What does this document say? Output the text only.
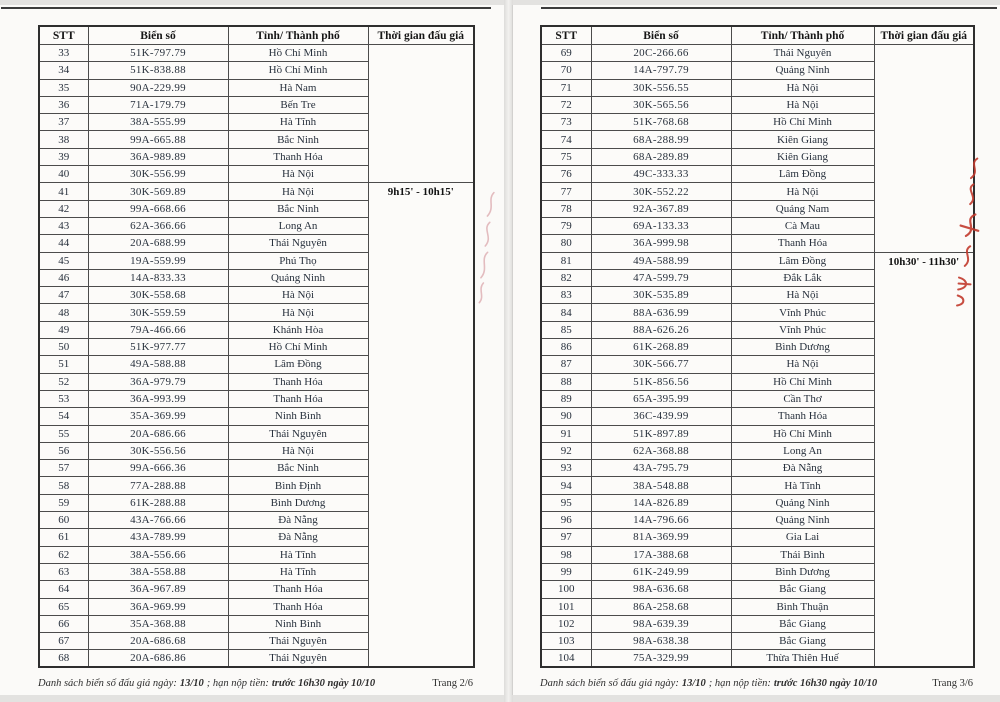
STT	Biển số	Tỉnh/ Thành phố	Thời gian đấu giá
33	51K-797.79	Hồ Chí Minh	
34	51K-838.88	Hồ Chí Minh	
35	90A-229.99	Hà Nam	
36	71A-179.79	Bến Tre	
37	38A-555.99	Hà Tĩnh	
38	99A-665.88	Bắc Ninh	
39	36A-989.89	Thanh Hóa	
40	30K-556.99	Hà Nội	
41	30K-569.89	Hà Nội	9h15' - 10h15'
42	99A-668.66	Bắc Ninh	
43	62A-366.66	Long An	
44	20A-688.99	Thái Nguyên	
45	19A-559.99	Phú Thọ	
46	14A-833.33	Quảng Ninh	
47	30K-558.68	Hà Nội	
48	30K-559.59	Hà Nội	
49	79A-466.66	Khánh Hòa	
50	51K-977.77	Hồ Chí Minh	
51	49A-588.88	Lâm Đồng	
52	36A-979.79	Thanh Hóa	
53	36A-993.99	Thanh Hóa	
54	35A-369.99	Ninh Bình	
55	20A-686.66	Thái Nguyên	
56	30K-556.56	Hà Nội	
57	99A-666.36	Bắc Ninh	
58	77A-288.88	Bình Định	
59	61K-288.88	Bình Dương	
60	43A-766.66	Đà Nẵng	
61	43A-789.99	Đà Nẵng	
62	38A-556.66	Hà Tĩnh	
63	38A-558.88	Hà Tĩnh	
64	36A-967.89	Thanh Hóa	
65	36A-969.99	Thanh Hóa	
66	35A-368.88	Ninh Bình	
67	20A-686.68	Thái Nguyên	
68	20A-686.86	Thái Nguyên	
STT	Biển số	Tỉnh/ Thành phố	Thời gian đấu giá
69	20C-266.66	Thái Nguyên	
70	14A-797.79	Quảng Ninh	
71	30K-556.55	Hà Nội	
72	30K-565.56	Hà Nội	
73	51K-768.68	Hồ Chí Minh	
74	68A-288.99	Kiên Giang	
75	68A-289.89	Kiên Giang	
76	49C-333.33	Lâm Đồng	
77	30K-552.22	Hà Nội	
78	92A-367.89	Quảng Nam	
79	69A-133.33	Cà Mau	
80	36A-999.98	Thanh Hóa	
81	49A-588.99	Lâm Đồng	10h30' - 11h30'
82	47A-599.79	Đắk Lắk	
83	30K-535.89	Hà Nội	
84	88A-636.99	Vĩnh Phúc	
85	88A-626.26	Vĩnh Phúc	
86	61K-268.89	Bình Dương	
87	30K-566.77	Hà Nội	
88	51K-856.56	Hồ Chí Minh	
89	65A-395.99	Cần Thơ	
90	36C-439.99	Thanh Hóa	
91	51K-897.89	Hồ Chí Minh	
92	62A-368.88	Long An	
93	43A-795.79	Đà Nẵng	
94	38A-548.88	Hà Tĩnh	
95	14A-826.89	Quảng Ninh	
96	14A-796.66	Quảng Ninh	
97	81A-369.99	Gia Lai	
98	17A-388.68	Thái Bình	
99	61K-249.99	Bình Dương	
100	98A-636.68	Bắc Giang	
101	86A-258.68	Bình Thuận	
102	98A-639.39	Bắc Giang	
103	98A-638.38	Bắc Giang	
104	75A-329.99	Thừa Thiên Huế	
Danh sách biển số đấu giá ngày: 13/10 ; hạn nộp tiền: trước 16h30 ngày 10/10	Trang 2/6	Danh sách biển số đấu giá ngày: 13/10 ; hạn nộp tiền: trước 16h30 ngày 10/10	Trang 3/6
